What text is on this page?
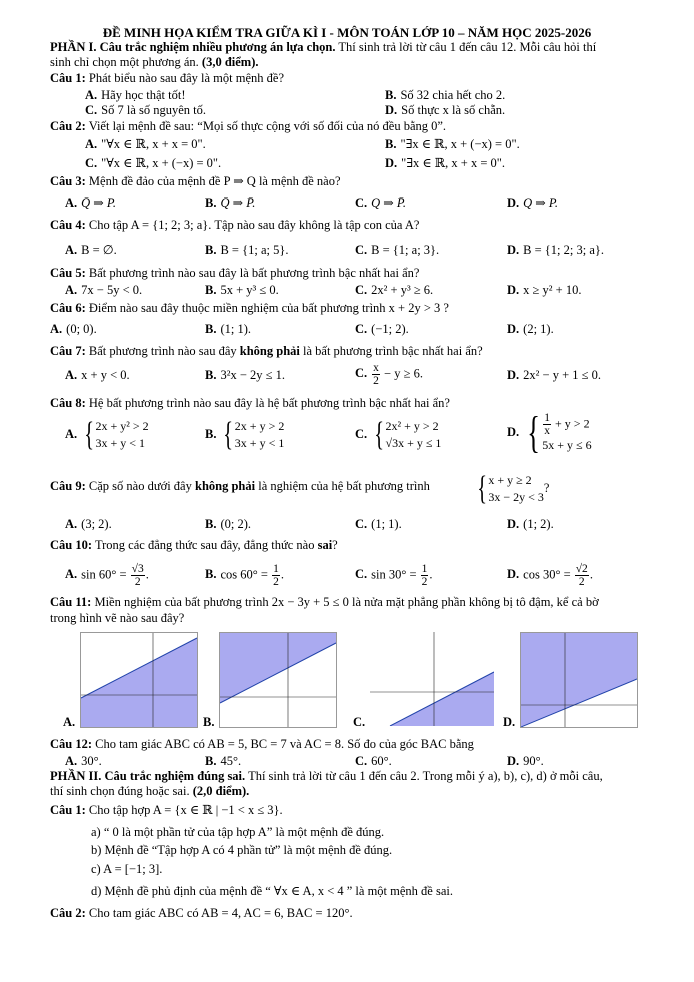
ĐỀ MINH HỌA KIỂM TRA GIỮA KÌ I - MÔN TOÁN LỚP 10 – NĂM HỌC 2025-2026
PHẦN I. Câu trắc nghiệm nhiều phương án lựa chọn. Thí sinh trả lời từ câu 1 đến câu 12. Mỗi câu hỏi thí
sinh chỉ chọn một phương án. (3,0 điểm).
Câu 1: Phát biểu nào sau đây là một mệnh đề?
A. Hãy học thật tốt!	B. Số 32 chia hết cho 2.
C. Số 7 là số nguyên tố.	D. Số thực x là số chẵn.
Câu 2: Viết lại mệnh đề sau: “Mọi số thực cộng với số đối của nó đều bằng 0”.
A. "∀x ∈ ℝ, x + x = 0".	B. "∃x ∈ ℝ, x + (−x) = 0".
C. "∀x ∈ ℝ, x + (−x) = 0".	D. "∃x ∈ ℝ, x + x = 0".
Câu 3: Mệnh đề đảo của mệnh đề P ⇒ Q là mệnh đề nào?
A. Q̄ ⇒ P.	B. Q̄ ⇒ P̄.	C. Q ⇒ P̄.	D. Q ⇒ P.
Câu 4: Cho tập A = {1; 2; 3; a}. Tập nào sau đây không là tập con của A?
A. B = ∅.	B. B = {1; a; 5}.	C. B = {1; a; 3}.	D. B = {1; 2; 3; a}.
Câu 5: Bất phương trình nào sau đây là bất phương trình bậc nhất hai ẩn?
A. 7x − 5y < 0.	B. 5x + y³ ≤ 0.	C. 2x² + y³ ≥ 6.	D. x ≥ y² + 10.
Câu 6: Điểm nào sau đây thuộc miền nghiệm của bất phương trình x + 2y > 3 ?
A. (0; 0).	B. (1; 1).	C. (−1; 2).	D. (2; 1).
Câu 7: Bất phương trình nào sau đây không phải là bất phương trình bậc nhất hai ẩn?
A. x + y < 0.	B. 3²x − 2y ≤ 1.	C. $\frac{x}{2} - y \ge 6$.	D. 2x² − y + 1 ≤ 0.
Câu 8: Hệ bất phương trình nào sau đây là hệ bất phương trình bậc nhất hai ẩn?
A. { 2x + y² > 2
3x + y < 1
B. { 2x + y > 2
3x + y < 1
C. { 2x² + y > 2
√3x + y ≤ 1
D. { $\frac{1}{x} + y > 2$
5x + y ≤ 6
Câu 9: Cặp số nào dưới đây không phải là nghiệm của hệ bất phương trình { x + y ≥ 2
3x − 2y < 3
?
A. (3; 2).	B. (0; 2).	C. (1; 1).	D. (1; 2).
Câu 10: Trong các đẳng thức sau đây, đẳng thức nào sai?
A. $\sin 60^\circ = \frac{√3}{2}$ .	B. $\cos 60^\circ = \frac{1}{2}$ .	C. $\sin 30^\circ = \frac{1}{2}$ .	D. $\cos 30^\circ = \frac{√2}{2}$ .
Câu 11: Miền nghiệm của bất phương trình 2x − 3y + 5 ≤ 0 là nửa mặt phẳng phần không bị tô đậm, kể cả bờ
trong hình vẽ nào sau đây?
A.	B.	C.	D.
Câu 12: Cho tam giác ABC có AB = 5, BC = 7 và AC = 8. Số đo của góc BAC bằng
A. 30°.	B. 45°.	C. 60°.	D. 90°.
PHẦN II. Câu trắc nghiệm đúng sai. Thí sinh trả lời từ câu 1 đến câu 2. Trong mỗi ý a), b), c), d) ở mỗi câu,
thí sinh chọn đúng hoặc sai. (2,0 điểm).
Câu 1: Cho tập hợp A = {x ∈ ℝ | −1 < x ≤ 3}.
a) “ 0 là một phần tử của tập hợp A” là một mệnh đề đúng.
b) Mệnh đề “Tập hợp A có 4 phần tử” là một mệnh đề đúng.
c) A = [−1; 3].
d) Mệnh đề phủ định của mệnh đề “ ∀x ∈ A, x < 4 ” là một mệnh đề sai.
Câu 2: Cho tam giác ABC có AB = 4, AC = 6, BAC = 120°.
